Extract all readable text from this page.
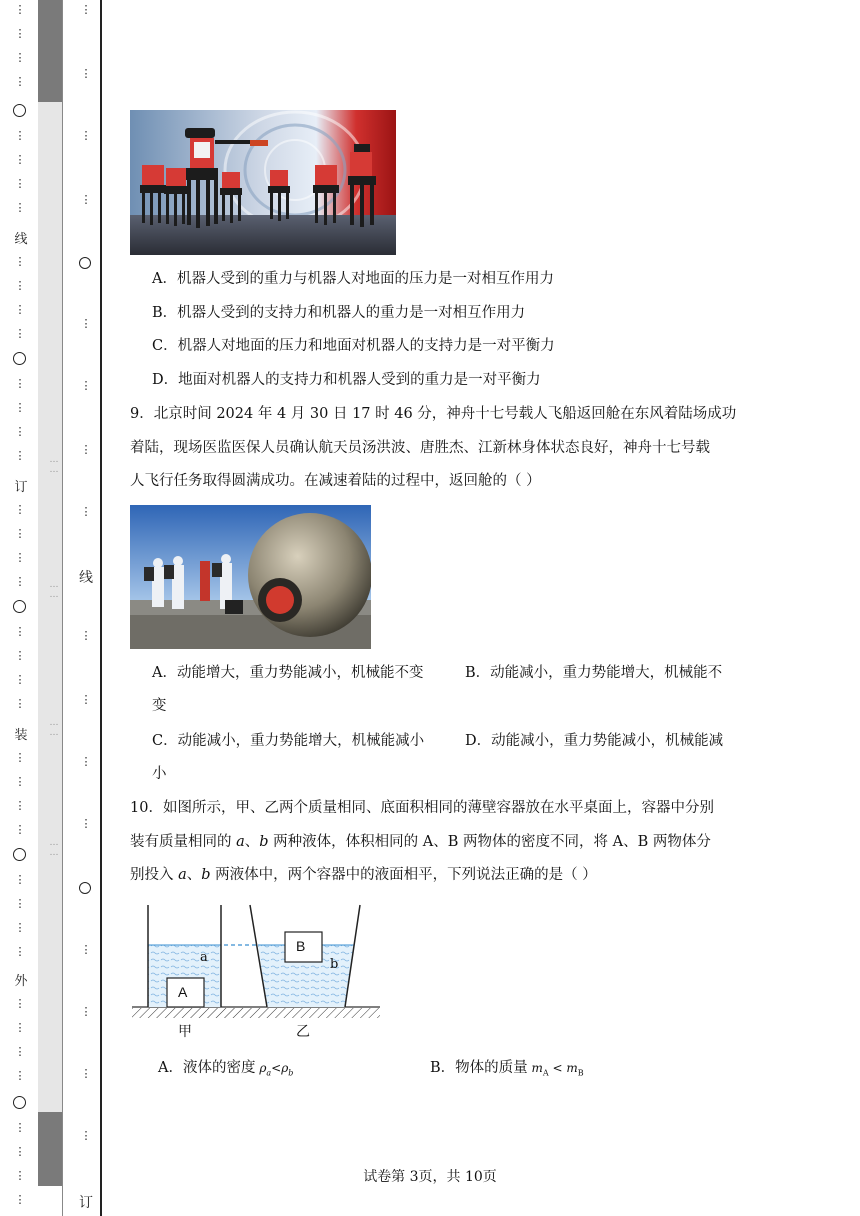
⋮
⋮
⋮
⋮
⋮
⋮
⋮
⋮
线
⋮
⋮
⋮
⋮
⋮
⋮
⋮
⋮
订
⋮
⋮
⋮
⋮
⋮
⋮
⋮
⋮
装
⋮
⋮
⋮
⋮
⋮
⋮
⋮
⋮
外
⋮
⋮
⋮
⋮
⋮
⋮
⋮
⋮
…
…
…
…
…
…
…
…
⋮
⋮
⋮
⋮
⋮
⋮
⋮
⋮
线
⋮
⋮
⋮
⋮
⋮
⋮
⋮
⋮
订
A．机器人受到的重力与机器人对地面的压力是一对相互作用力
B．机器人受到的支持力和机器人的重力是一对相互作用力
C．机器人对地面的压力和地面对机器人的支持力是一对平衡力
D．地面对机器人的支持力和机器人受到的重力是一对平衡力
9．北京时间 2024 年 4 月 30 日 17 时 46 分，神舟十七号载人飞船返回舱在东风着陆场成功
着陆，现场医监医保人员确认航天员汤洪波、唐胜杰、江新林身体状态良好，神舟十七号载
人飞行任务取得圆满成功。在减速着陆的过程中，返回舱的（ ）
A．动能增大，重力势能减小，机械能不变	B．动能减小，重力势能增大，机械能不
变
C．动能减小，重力势能增大，机械能减小	D．动能减小，重力势能减小，机械能减
小
10．如图所示，甲、乙两个质量相同、底面积相同的薄壁容器放在水平桌面上，容器中分别
装有质量相同的 a、b 两种液体，体积相同的 A、B 两物体的密度不同，将 A、B 两物体分
别投入 a、b 两液体中，两个容器中的液面相平，下列说法正确的是（ ）
a	b
A
B
甲	乙
A．液体的密度 $\rho_a<\rho_b$	B．物体的质量 $m_A < m_B$
试卷第 3页，共 10页
